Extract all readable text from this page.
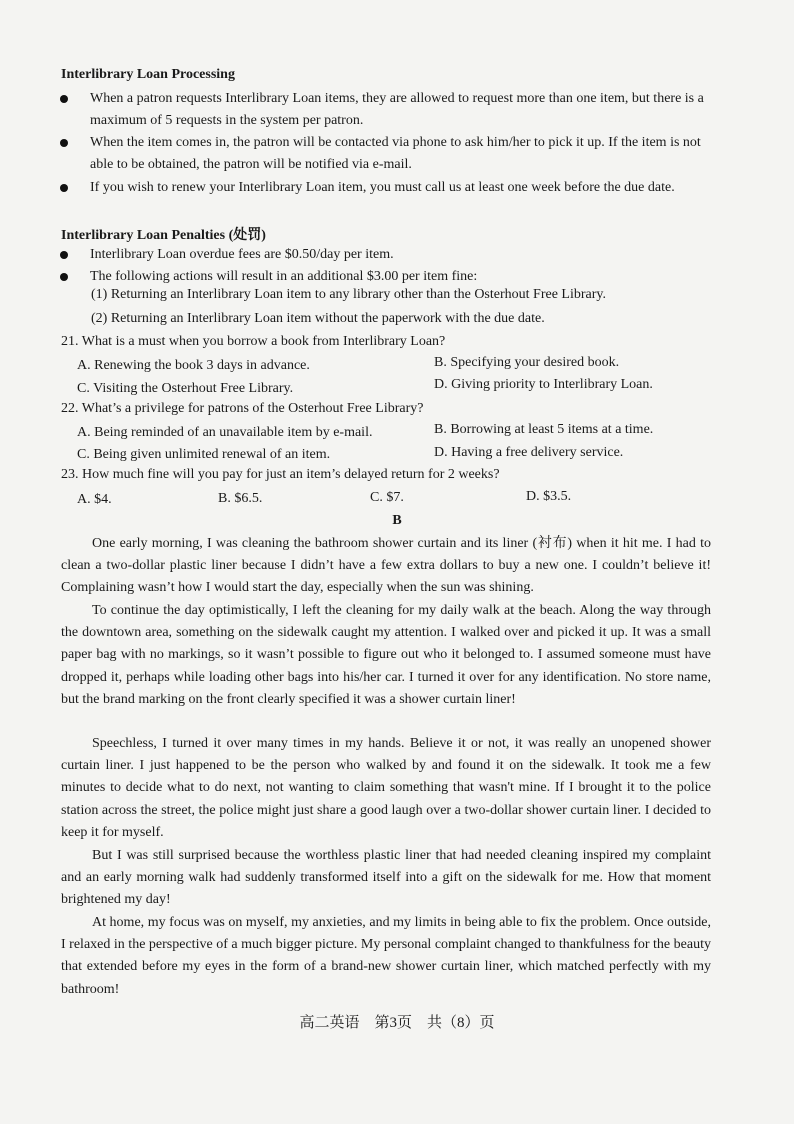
Interlibrary Loan Processing
When a patron requests Interlibrary Loan items, they are allowed to request more than one item, but there is a maximum of 5 requests in the system per patron.
When the item comes in, the patron will be contacted via phone to ask him/her to pick it up. If the item is not able to be obtained, the patron will be notified via e-mail.
If you wish to renew your Interlibrary Loan item, you must call us at least one week before the due date.
Interlibrary Loan Penalties (处罚)
Interlibrary Loan overdue fees are $0.50/day per item.
The following actions will result in an additional $3.00 per item fine:
(1) Returning an Interlibrary Loan item to any library other than the Osterhout Free Library.
(2) Returning an Interlibrary Loan item without the paperwork with the due date.
21. What is a must when you borrow a book from Interlibrary Loan?
A. Renewing the book 3 days in advance.	B. Specifying your desired book.
C. Visiting the Osterhout Free Library.	D. Giving priority to Interlibrary Loan.
22. What’s a privilege for patrons of the Osterhout Free Library?
A. Being reminded of an unavailable item by e-mail.	B. Borrowing at least 5 items at a time.
C. Being given unlimited renewal of an item.	D. Having a free delivery service.
23. How much fine will you pay for just an item’s delayed return for 2 weeks?
A. $4.	B. $6.5.	C. $7.	D. $3.5.
B
One early morning, I was cleaning the bathroom shower curtain and its liner (衬布) when it hit me. I had to clean a two-dollar plastic liner because I didn’t have a few extra dollars to buy a new one. I couldn’t believe it! Complaining wasn’t how I would start the day, especially when the sun was shining.
To continue the day optimistically, I left the cleaning for my daily walk at the beach. Along the way through the downtown area, something on the sidewalk caught my attention. I walked over and picked it up. It was a small paper bag with no markings, so it wasn’t possible to figure out who it belonged to. I assumed someone must have dropped it, perhaps while loading other bags into his/her car. I turned it over for any identification. No store name, but the brand marking on the front clearly specified it was a shower curtain liner!
Speechless, I turned it over many times in my hands. Believe it or not, it was really an unopened shower curtain liner. I just happened to be the person who walked by and found it on the sidewalk. It took me a few minutes to decide what to do next, not wanting to claim something that wasn't mine. If I brought it to the police station across the street, the police might just share a good laugh over a two-dollar shower curtain liner. I decided to keep it for myself.
But I was still surprised because the worthless plastic liner that had needed cleaning inspired my complaint and an early morning walk had suddenly transformed itself into a gift on the sidewalk for me. How that moment brightened my day!
At home, my focus was on myself, my anxieties, and my limits in being able to fix the problem. Once outside, I relaxed in the perspective of a much bigger picture. My personal complaint changed to thankfulness for the beauty that extended before my eyes in the form of a brand-new shower curtain liner, which matched perfectly with my bathroom!
高二英语　第3页　共（8）页
